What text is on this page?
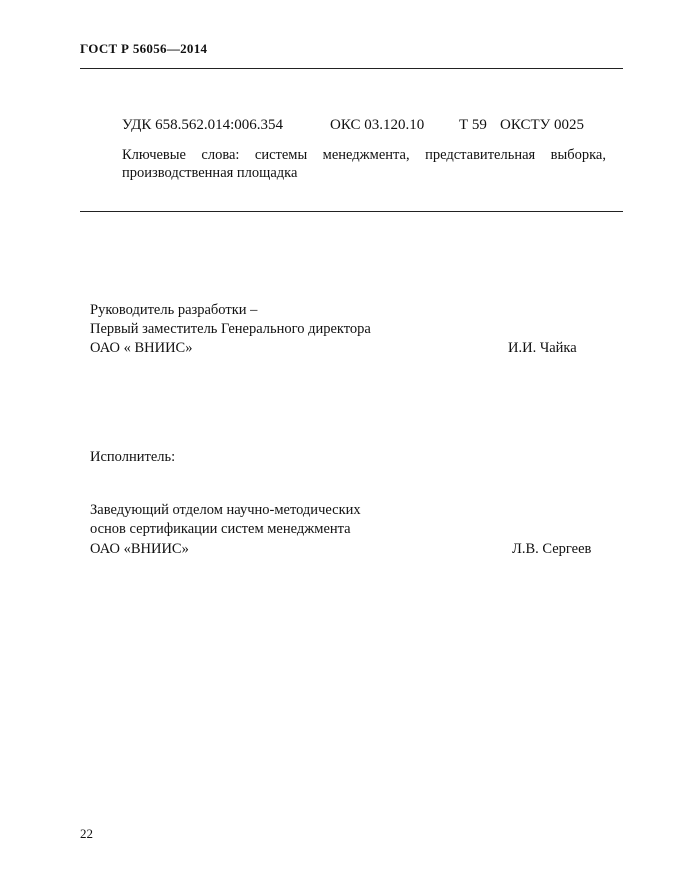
ГОСТ Р 56056—2014
УДК 658.562.014:006.354	ОКС 03.120.10 Т 59 ОКСТУ 0025
Ключевые слова: системы менеджмента, представительная выборка, производственная площадка
Руководитель разработки –
Первый заместитель Генерального директора
ОАО « ВНИИС»	И.И. Чайка
Исполнитель:
Заведующий отделом научно-методических
основ сертификации систем менеджмента
ОАО «ВНИИС»	Л.В. Сергеев
22
